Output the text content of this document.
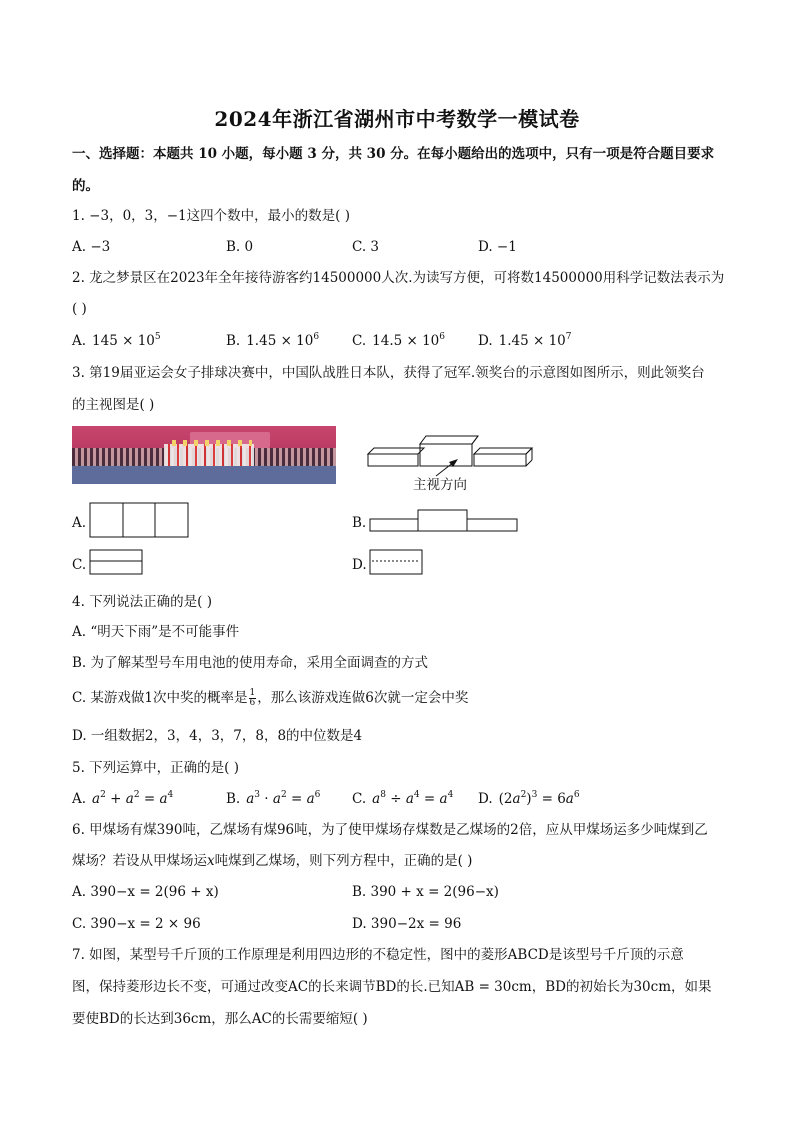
2024年浙江省湖州市中考数学一模试卷
一、选择题：本题共 10 小题，每小题 3 分，共 30 分。在每小题给出的选项中，只有一项是符合题目要求
的。
1. −3，0，3，−1这四个数中，最小的数是( )
A. −3	B. 0	C. 3	D. −1
2. 龙之梦景区在2023年全年接待游客约14500000人次.为读写方便，可将数14500000用科学记数法表示为
( )
A. $145 \times 10^5$	B. $1.45 \times 10^6$ C. $14.5 \times 10^6$ D. $1.45 \times 10^7$
3. 第19届亚运会女子排球决赛中，中国队战胜日本队，获得了冠军.领奖台的示意图如图所示，则此领奖台
的主视图是( )
主视方向
A.	B.
C.	D.
4. 下列说法正确的是( )
A. “明天下雨”是不可能事件
B. 为了解某型号车用电池的使用寿命，采用全面调查的方式
C. 某游戏做1次中奖的概率是 $\frac{1}{6}$ ，那么该游戏连做6次就一定会中奖
D. 一组数据2，3，4，3，7，8，8的中位数是4
5. 下列运算中，正确的是( )
A. $a^2 + a^2 = a^4$	B. $a^3 \cdot a^2 = a^6$ C. $a^8 \div a^4 = a^4$ D. $(2a^2)^3 = 6a^6$
6. 甲煤场有煤390吨，乙煤场有煤96吨，为了使甲煤场存煤数是乙煤场的2倍，应从甲煤场运多少吨煤到乙
煤场？若设从甲煤场运x吨煤到乙煤场，则下列方程中，正确的是( )
A. 390−x = 2(96 + x)	B. 390 + x = 2(96−x)
C. 390−x = 2 × 96	D. 390−2x = 96
7. 如图，某型号千斤顶的工作原理是利用四边形的不稳定性，图中的菱形ABCD是该型号千斤顶的示意
图，保持菱形边长不变，可通过改变AC的长来调节BD的长.已知AB = 30cm，BD的初始长为30cm，如果
要使BD的长达到36cm，那么AC的长需要缩短( )
